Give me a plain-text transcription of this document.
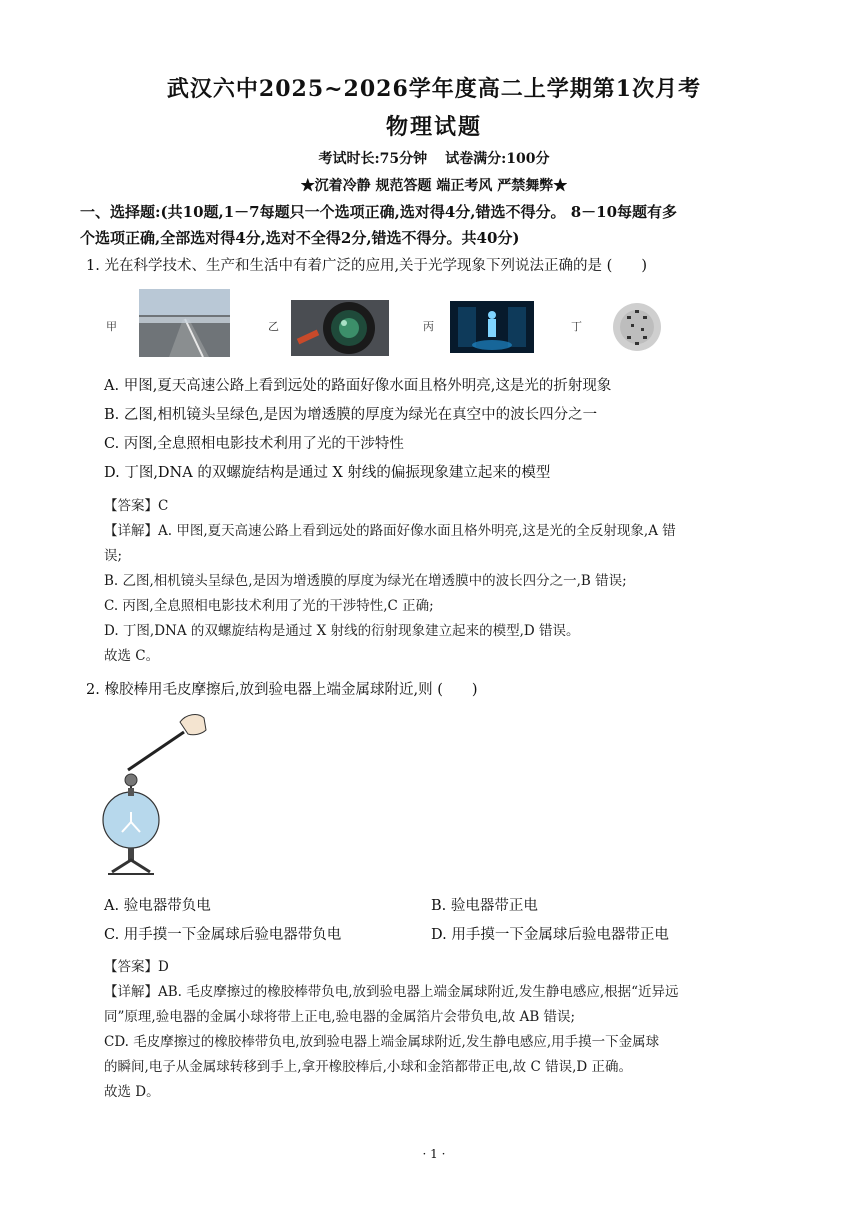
武汉六中2025~2026学年度高二上学期第1次月考
物理试题
考试时长:75分钟 试卷满分:100分
★沉着冷静 规范答题 端正考风 严禁舞弊★
一、选择题:(共10题,1－7每题只一个选项正确,选对得4分,错选不得分。 8－10每题有多
个选项正确,全部选对得4分,选对不全得2分,错选不得分。共40分)
1. 光在科学技术、生产和生活中有着广泛的应用,关于光学现象下列说法正确的是 (　　)
甲	乙	丙	丁
A. 甲图,夏天高速公路上看到远处的路面好像水面且格外明亮,这是光的折射现象
B. 乙图,相机镜头呈绿色,是因为增透膜的厚度为绿光在真空中的波长四分之一
C. 丙图,全息照相电影技术利用了光的干涉特性
D. 丁图,DNA 的双螺旋结构是通过 X 射线的偏振现象建立起来的模型

【答案】C

【详解】A. 甲图,夏天高速公路上看到远处的路面好像水面且格外明亮,这是光的全反射现象,A 错

误;

B. 乙图,相机镜头呈绿色,是因为增透膜的厚度为绿光在增透膜中的波长四分之一,B 错误;

C. 丙图,全息照相电影技术利用了光的干涉特性,C 正确;

D. 丁图,DNA 的双螺旋结构是通过 X 射线的衍射现象建立起来的模型,D 错误。

故选 C。

2. 橡胶棒用毛皮摩擦后,放到验电器上端金属球附近,则 (　　)
A. 验电器带负电	B. 验电器带正电
C. 用手摸一下金属球后验电器带负电	D. 用手摸一下金属球后验电器带正电

【答案】D

【详解】AB. 毛皮摩擦过的橡胶棒带负电,放到验电器上端金属球附近,发生静电感应,根据“近异远

同”原理,验电器的金属小球将带上正电,验电器的金属箔片会带负电,故 AB 错误;

CD. 毛皮摩擦过的橡胶棒带负电,放到验电器上端金属球附近,发生静电感应,用手摸一下金属球

的瞬间,电子从金属球转移到手上,拿开橡胶棒后,小球和金箔都带正电,故 C 错误,D 正确。

故选 D。

· 1 ·
